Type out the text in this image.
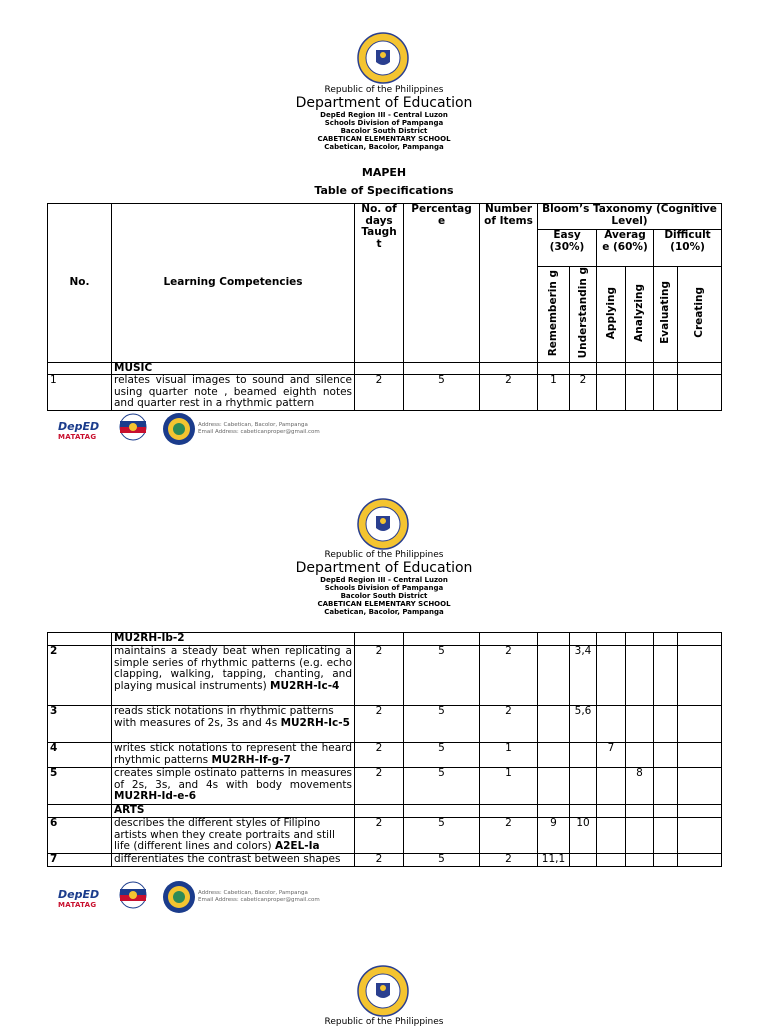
Republic of the Philippines
Department of Education
DepEd Region III - Central Luzon
Schools Division of Pampanga
Bacolor South District
CABETICAN ELEMENTARY SCHOOL
Cabetican, Bacolor, Pampanga
MAPEH
Table of Specifications
No.	Learning Competencies	No. of days Taugh t	Percentag e	Number of Items	Bloom’s Taxonomy (Cognitive Level)					
					Easy (30%)		Averag e (60%)		Difficult (10%)	
					Rememberin g	Understandin g	Applying	Analyzing	Evaluating	Creating
	MUSIC									
1	relates visual images to sound and silence using quarter note , beamed eighth notes and quarter rest in a rhythmic pattern	2	5	2	1	2				
DepED
MATATAG
Address: Cabetican, Bacolor, Pampanga
Email Address: cabeticanproper@gmail.com
Republic of the Philippines
Department of Education
DepEd Region III - Central Luzon
Schools Division of Pampanga
Bacolor South District
CABETICAN ELEMENTARY SCHOOL
Cabetican, Bacolor, Pampanga
	MU2RH-Ib-2									
2	maintains a steady beat when replicating a simple series of rhythmic patterns (e.g. echo clapping, walking, tapping, chanting, and playing musical instruments) MU2RH-Ic-4	2	5	2		3,4				
3	reads stick notations in rhythmic patterns with measures of 2s, 3s and 4s MU2RH-Ic-5	2	5	2		5,6				
4	writes stick notations to represent the heard rhythmic patterns MU2RH-If-g-7	2	5	1			7			
5	creates simple ostinato patterns in measures of 2s, 3s, and 4s with body movements MU2RH-Id-e-6	2	5	1				8		
	ARTS									
6	describes the different styles of Filipino artists when they create portraits and still life (different lines and colors) A2EL-Ia	2	5	2	9	10				
7	differentiates the contrast between shapes	2	5	2	11,1					
DepED
MATATAG
Address: Cabetican, Bacolor, Pampanga
Email Address: cabeticanproper@gmail.com
Republic of the Philippines
